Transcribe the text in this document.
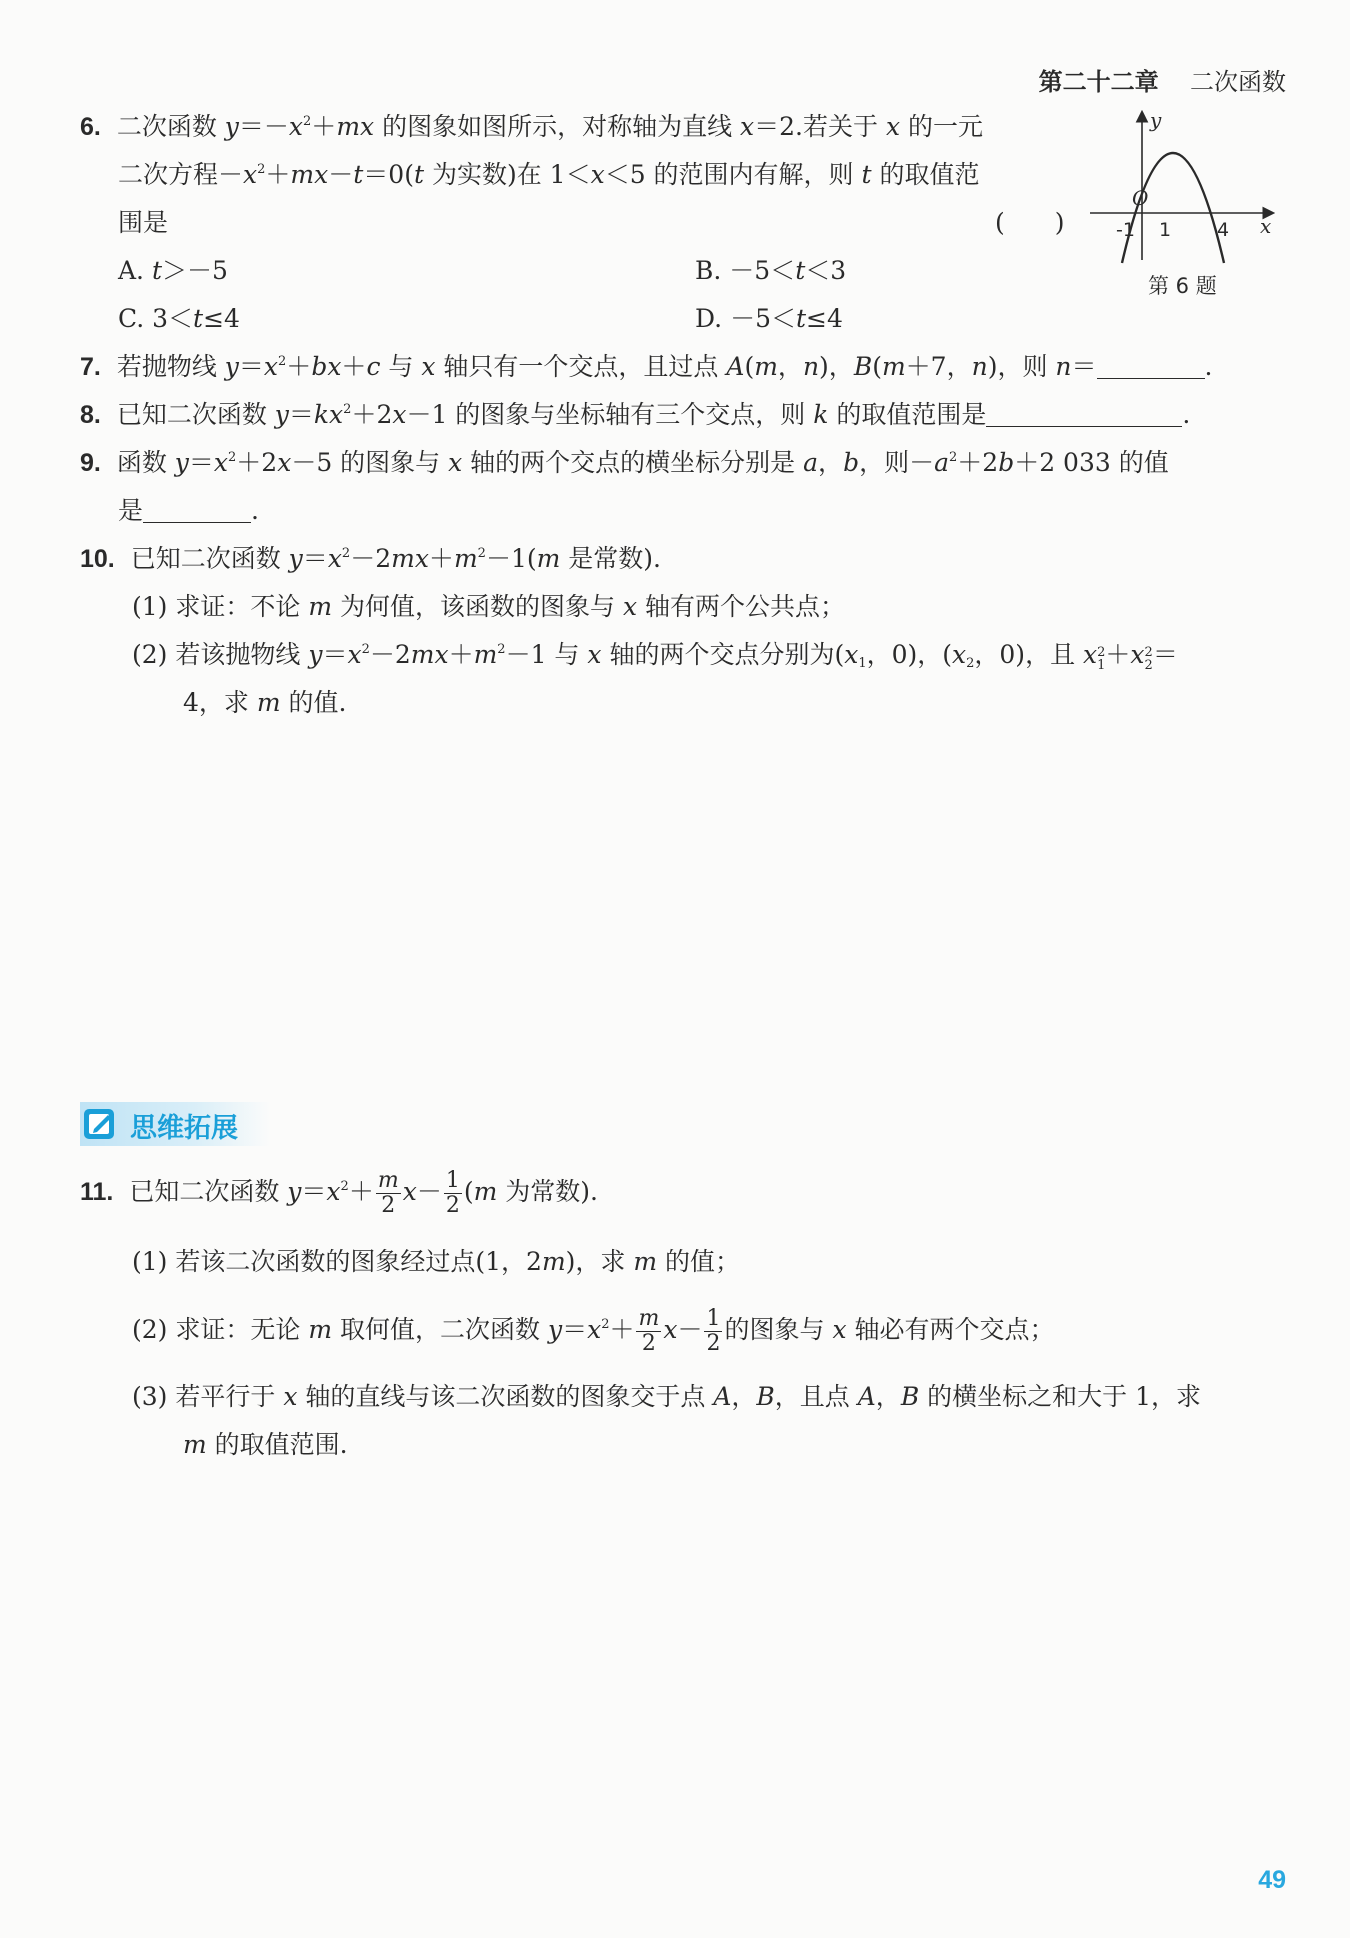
第二十二章 二次函数
6. 二次函数 $y=-x^2+mx$ 的图象如图所示，对称轴为直线 x＝2.若关于 x 的一元
二次方程$-x^2+mx-t=0(t$ 为实数)在 1＜x＜5 的范围内有解，则 t 的取值范
围是	(　　)
A. t＞－5	B. －5＜t＜3
C. 3＜t≤4	D. －5＜t≤4
y
x
O
-1 1 4
第 6 题
7. 若抛物线 $y=x^2+bx+c$ 与 x 轴只有一个交点，且过点 A(m，n)，B(m＋7，n)，则 n＝	.
8. 已知二次函数 $y=kx^2+2x-1$ 的图象与坐标轴有三个交点，则 k 的取值范围是	.
9. 函数 $y=x^2+2x-5$ 的图象与 x 轴的两个交点的横坐标分别是 a，b，则$-a^2+2b+2$ 033 的值
是	.
10. 已知二次函数 $y=x^2-2mx+m^2-1(m$ 是常数).
(1) 求证：不论 m 为何值，该函数的图象与 x 轴有两个公共点；
(2) 若该抛物线 $y=x^2-2mx+m^2-1$ 与 x 轴的两个交点分别为($x_1$，0)，($x_2$，0)，且 x 2
1 ＋x 2
2 ＝
4，求 m 的值.
思维拓展
11. 已知二次函数 $y=x^2+ \frac{m}{2} x- \frac{1}{2} (m$ 为常数).
(1) 若该二次函数的图象经过点(1，2m)，求 m 的值；
(2) 求证：无论 m 取何值，二次函数 $y=x^2+ \frac{m}{2} x- \frac{1}{2}$ 的图象与 x 轴必有两个交点；
(3) 若平行于 x 轴的直线与该二次函数的图象交于点 A，B，且点 A，B 的横坐标之和大于 1，求
m 的取值范围.
49
